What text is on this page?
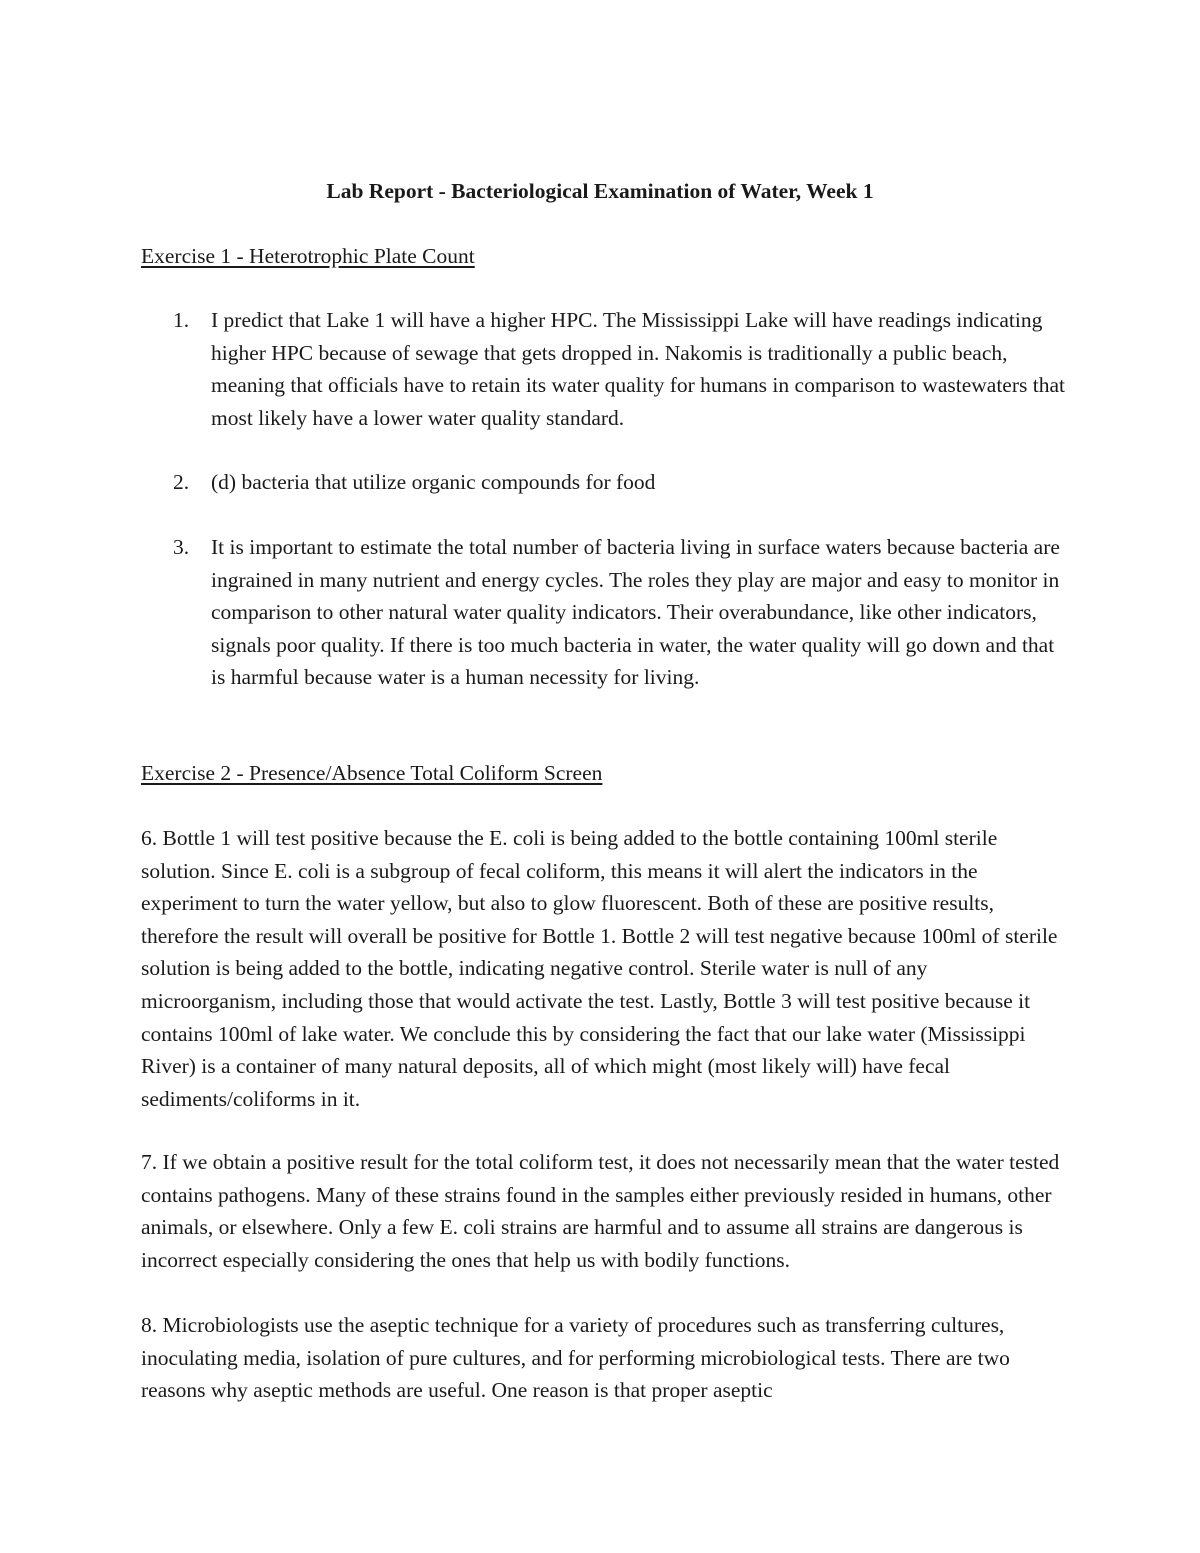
Lab Report - Bacteriological Examination of Water, Week 1
Exercise 1 - Heterotrophic Plate Count
1. I predict that Lake 1 will have a higher HPC. The Mississippi Lake will have readings indicating higher HPC because of sewage that gets dropped in. Nakomis is traditionally a public beach, meaning that officials have to retain its water quality for humans in comparison to wastewaters that most likely have a lower water quality standard.

2. (d) bacteria that utilize organic compounds for food

3. It is important to estimate the total number of bacteria living in surface waters because bacteria are ingrained in many nutrient and energy cycles. The roles they play are major and easy to monitor in comparison to other natural water quality indicators. Their overabundance, like other indicators, signals poor quality. If there is too much bacteria in water, the water quality will go down and that is harmful because water is a human necessity for living.

Exercise 2 - Presence/Absence Total Coliform Screen

6. Bottle 1 will test positive because the E. coli is being added to the bottle containing 100ml sterile solution. Since E. coli is a subgroup of fecal coliform, this means it will alert the indicators in the experiment to turn the water yellow, but also to glow fluorescent. Both of these are positive results, therefore the result will overall be positive for Bottle 1. Bottle 2 will test negative because 100ml of sterile solution is being added to the bottle, indicating negative control. Sterile water is null of any microorganism, including those that would activate the test. Lastly, Bottle 3 will test positive because it contains 100ml of lake water. We conclude this by considering the fact that our lake water (Mississippi River) is a container of many natural deposits, all of which might (most likely will) have fecal sediments/coliforms in it.

7. If we obtain a positive result for the total coliform test, it does not necessarily mean that the water tested contains pathogens. Many of these strains found in the samples either previously resided in humans, other animals, or elsewhere. Only a few E. coli strains are harmful and to assume all strains are dangerous is incorrect especially considering the ones that help us with bodily functions.

8. Microbiologists use the aseptic technique for a variety of procedures such as transferring cultures, inoculating media, isolation of pure cultures, and for performing microbiological tests. There are two reasons why aseptic methods are useful. One reason is that proper aseptic
